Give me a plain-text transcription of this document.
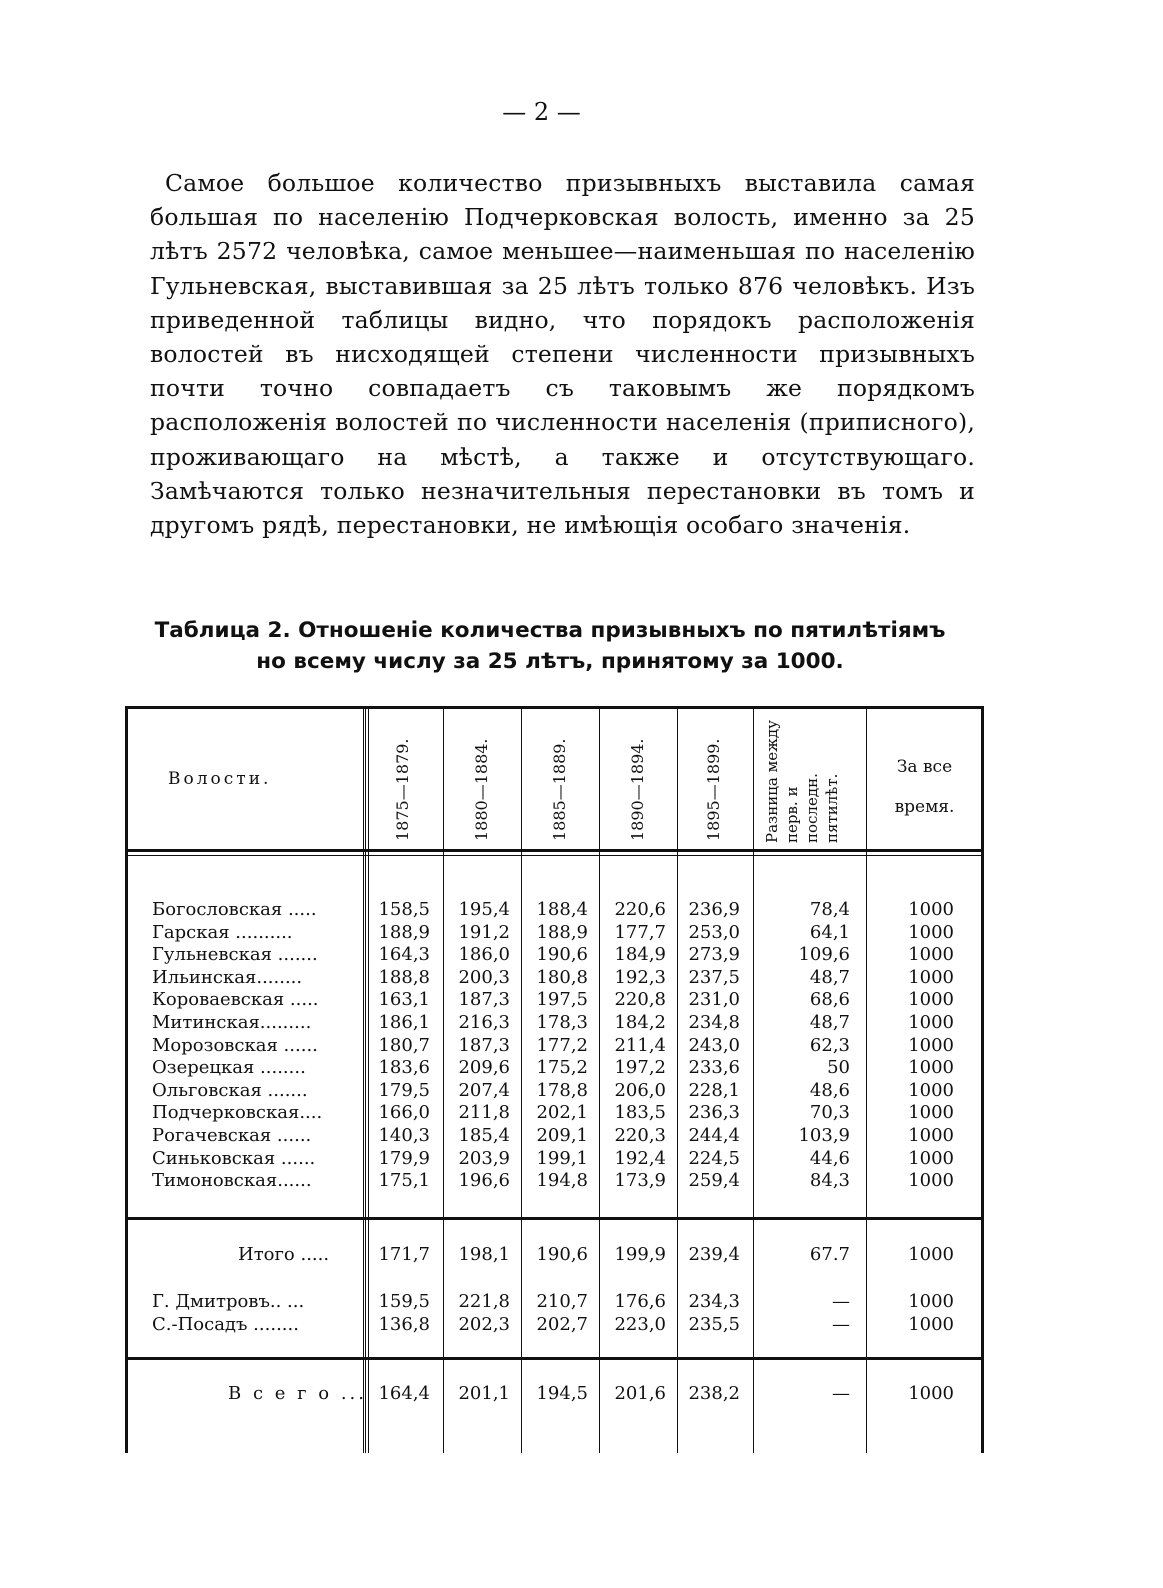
— 2 —
Самое большое количество призывныхъ выставила самая большая по населенію Подчерковская волость, именно за 25 лѣтъ 2572 человѣка, самое меньшее—наименьшая по населенію Гульневская, выставившая за 25 лѣтъ только 876 человѣкъ. Изъ приведенной таблицы видно, что порядокъ расположенія волостей въ нисходящей степени численности призывныхъ почти точно совпадаетъ съ таковымъ же порядкомъ расположенія волостей по численности населенія (приписного), проживающаго на мѣстѣ, а также и отсутствующаго. Замѣчаются только незначительныя перестановки въ томъ и другомъ рядѣ, перестановки, не имѣющія особаго значенія.
Таблица 2. Отношеніе количества призывныхъ по пятилѣтіямъ
но всему числу за 25 лѣтъ, принятому за 1000.
Волости.	1875—1879.	1880—1884.	1885—1889.	1890—1894.	1895—1899.	Разница между перв. и последн. пятилѣт.
За все
время.
Богословская .....	158,5 195,4 188,4 220,6 236,9	78,4	1000
Гарская ..........	188,9 191,2 188,9 177,7 253,0	64,1	1000
Гульневская .......	164,3 186,0 190,6 184,9 273,9	109,6	1000
Ильинская........	188,8 200,3 180,8 192,3 237,5	48,7	1000
Короваевская .....	163,1 187,3 197,5 220,8 231,0	68,6	1000
Митинская.........	186,1 216,3 178,3 184,2 234,8	48,7	1000
Морозовская ......	180,7 187,3 177,2 211,4 243,0	62,3	1000
Озерецкая ........	183,6 209,6 175,2 197,2 233,6	50	1000
Ольговская .......	179,5 207,4 178,8 206,0 228,1	48,6	1000
Подчерковская....	166,0 211,8 202,1 183,5 236,3	70,3	1000
Рогачевская ......	140,3 185,4 209,1 220,3 244,4	103,9	1000
Синьковская ......	179,9 203,9 199,1 192,4 224,5	44,6	1000
Тимоновская......	175,1 196,6 194,8 173,9 259,4	84,3	1000
Итого .....	171,7 198,1 190,6 199,9 239,4	67.7	1000
Г. Дмитровъ.. ...	159,5 221,8 210,7 176,6 234,3	—	1000
С.-Посадъ ........	136,8 202,3 202,7 223,0 235,5	—	1000
В с е г о ... 164,4 201,1 194,5 201,6 238,2	—	1000
